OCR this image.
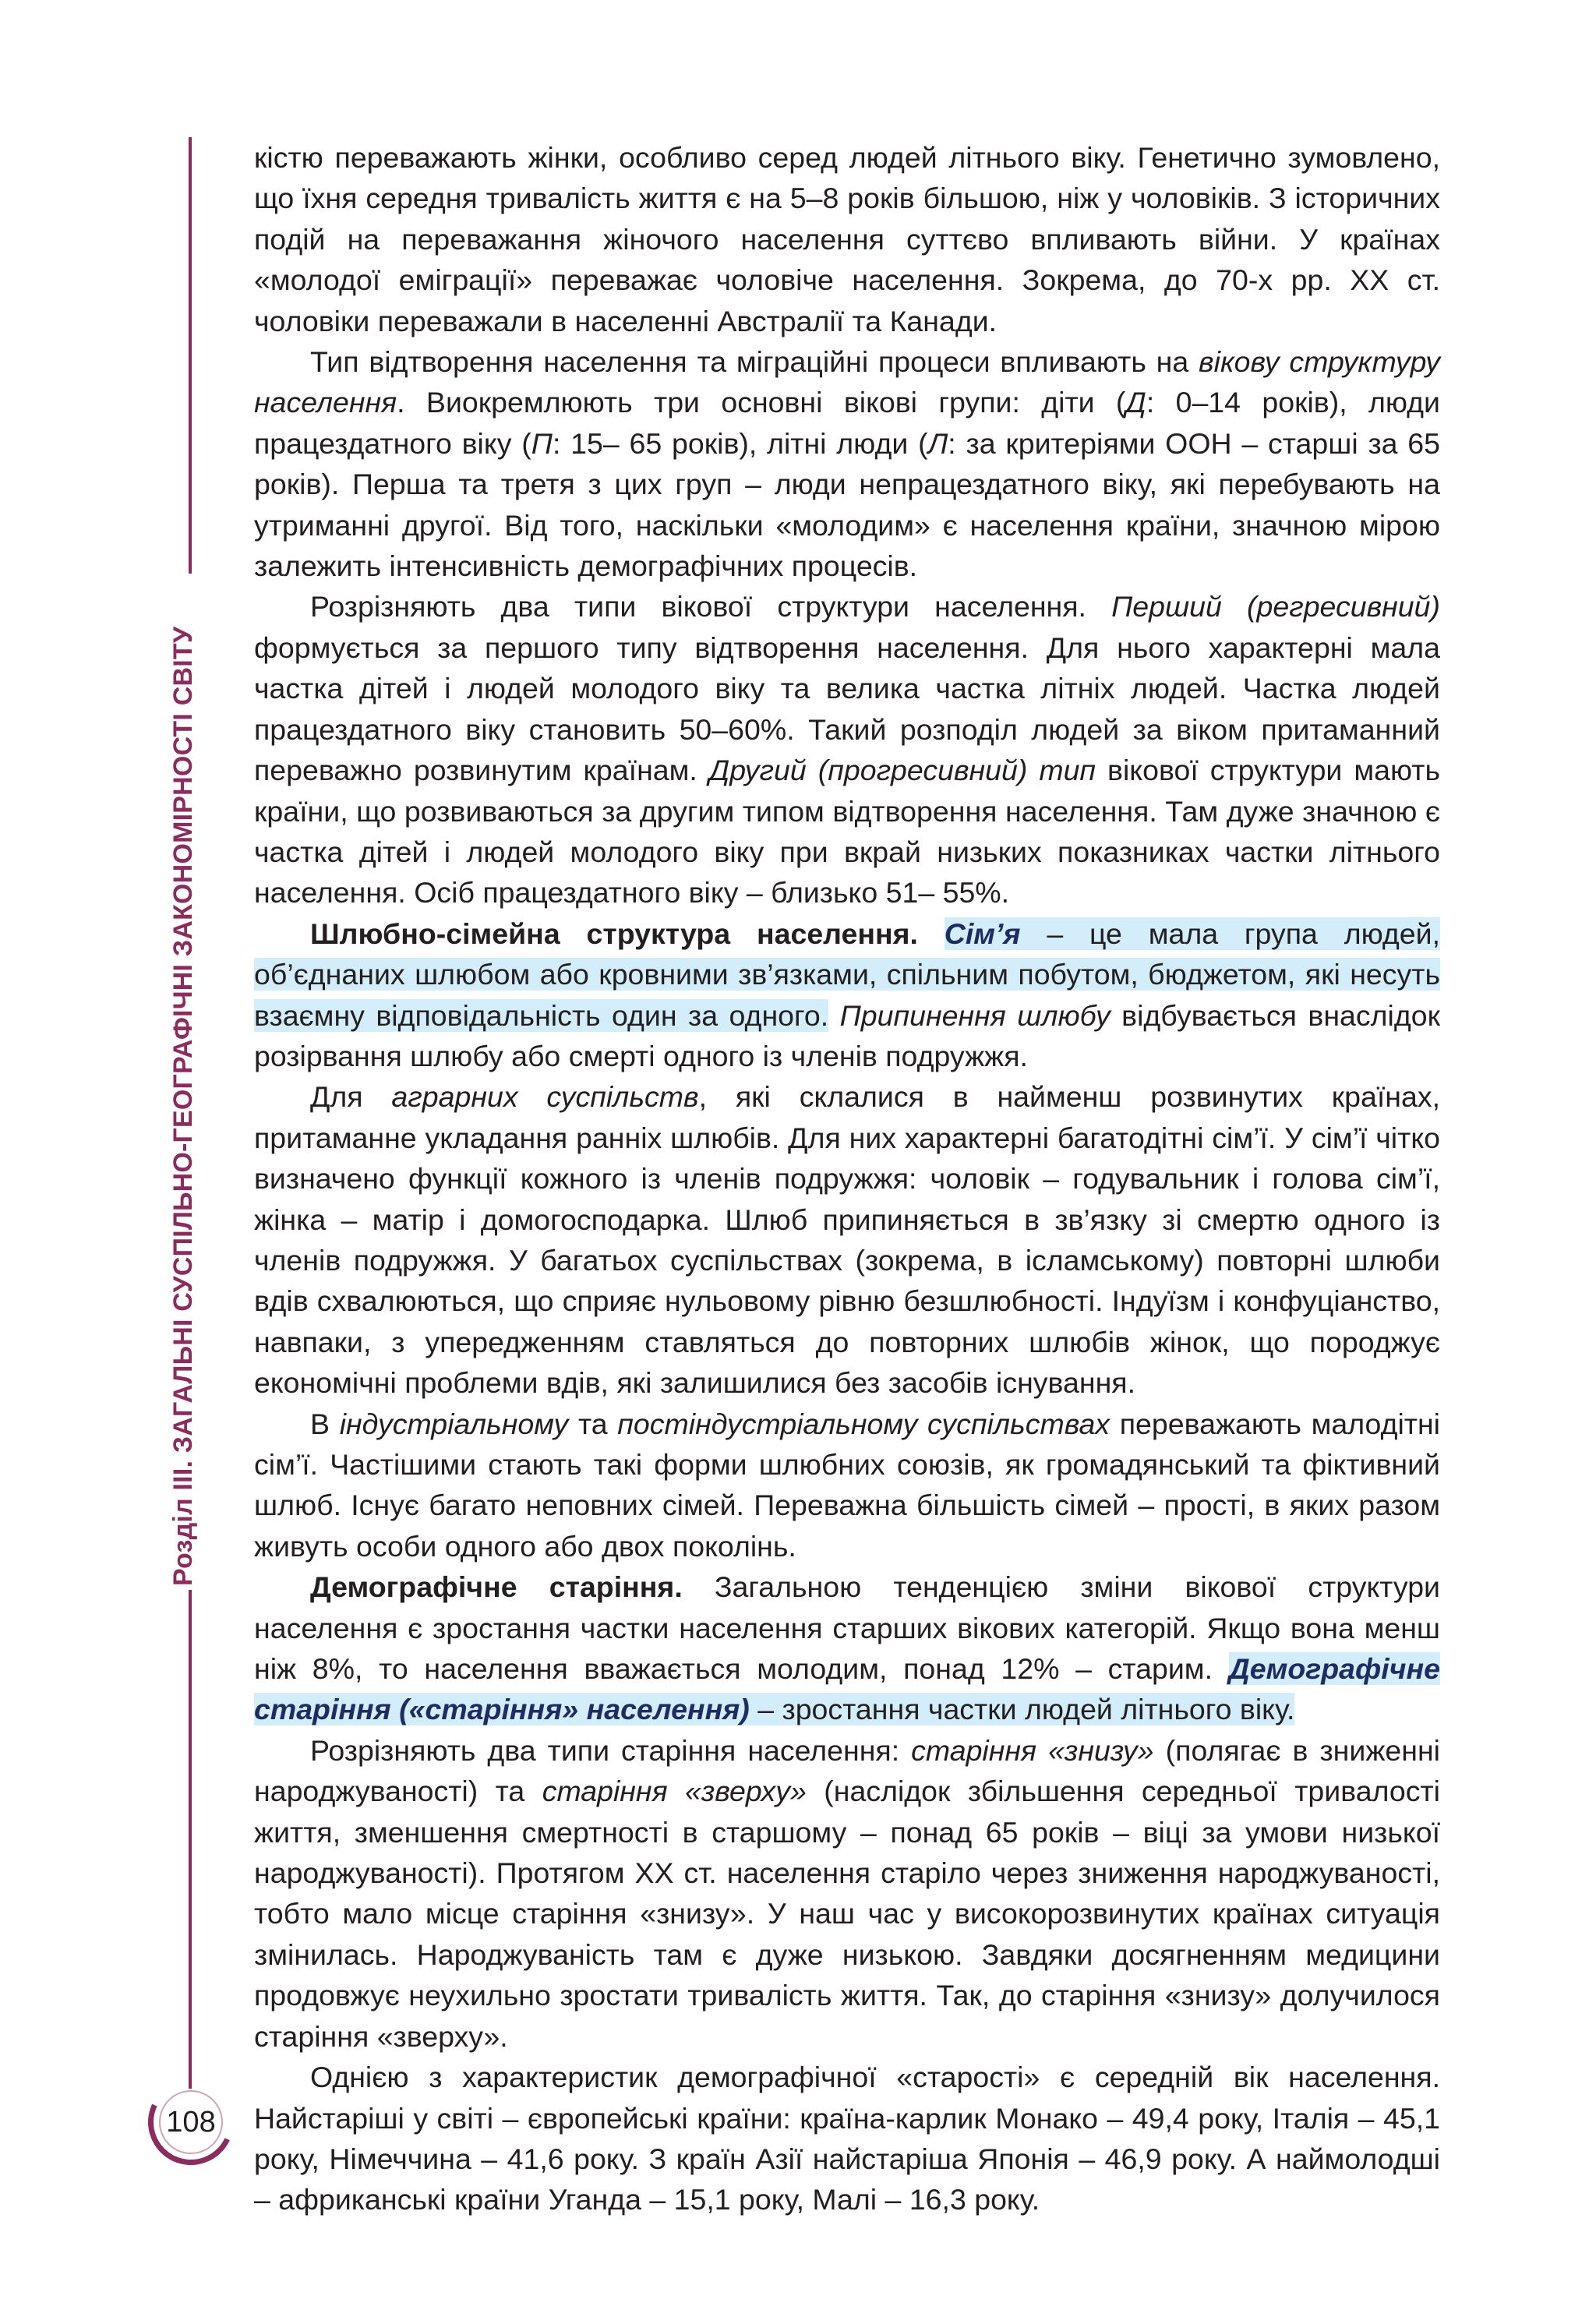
Розділ III. ЗАГАЛЬНІ СУСПІЛЬНО-ГЕОГРАФІЧНІ ЗАКОНОМІРНОСТІ СВІТУ

кістю переважають жінки, особливо серед людей літнього віку. Генетично зумовлено, що їхня середня тривалість життя є на 5–8 років більшою, ніж у чоловіків. З історичних подій на переважання жіночого населення суттєво впливають війни. У країнах «молодої еміграції» переважає чоловіче населення. Зокрема, до 70-х рр. XX ст. чоловіки переважали в населенні Австралії та Канади.

Тип відтворення населення та міграційні процеси впливають на вікову структуру населення. Виокремлюють три основні вікові групи: діти (Д: 0–14 років), люди працездатного віку (П: 15– 65 років), літні люди (Л: за критеріями ООН – старші за 65 років). Перша та третя з цих груп – люди непрацездатного віку, які перебувають на утриманні другої. Від того, наскільки «молодим» є населення країни, значною мірою залежить інтенсивність демографічних процесів.

Розрізняють два типи вікової структури населення. Перший (регресивний) формується за першого типу відтворення населення. Для нього характерні мала частка дітей і людей молодого віку та велика частка літніх людей. Частка людей працездатного віку становить 50–60%. Такий розподіл людей за віком притаманний переважно розвинутим країнам. Другий (прогресивний) тип вікової структури мають країни, що розвиваються за другим типом відтворення населення. Там дуже значною є частка дітей і людей молодого віку при вкрай низьких показниках частки літнього населення. Осіб працездатного віку – близько 51– 55%.

Шлюбно-сімейна структура населення. Сім’я – це мала група людей, об’єднаних шлюбом або кровними зв’язками, спільним побутом, бюджетом, які несуть взаємну відповідальність один за одного. Припинення шлюбу відбувається внаслідок розірвання шлюбу або смерті одного із членів подружжя.

Для аграрних суспільств, які склалися в найменш розвинутих країнах, притаманне укладання ранніх шлюбів. Для них характерні багатодітні сім’ї. У сім’ї чітко визначено функції кожного із членів подружжя: чоловік – годувальник і голова сім’ї, жінка – матір і домогосподарка. Шлюб припиняється в зв’язку зі смертю одного із членів подружжя. У багатьох суспільствах (зокрема, в ісламському) повторні шлюби вдів схвалюються, що сприяє нульовому рівню безшлюбності. Індуїзм і конфуціанство, навпаки, з упередженням ставляться до повторних шлюбів жінок, що породжує економічні проблеми вдів, які залишилися без засобів існування.

В індустріальному та постіндустріальному суспільствах переважають малодітні сім’ї. Частішими стають такі форми шлюбних союзів, як громадянський та фіктивний шлюб. Існує багато неповних сімей. Переважна більшість сімей – прості, в яких разом живуть особи одного або двох поколінь.

Демографічне старіння. Загальною тенденцією зміни вікової структури населення є зростання частки населення старших вікових категорій. Якщо вона менш ніж 8%, то населення вважається молодим, понад 12% – старим. Демографічне старіння («старіння» населення) – зростання частки людей літнього віку.

Розрізняють два типи старіння населення: старіння «знизу» (полягає в зниженні народжуваності) та старіння «зверху» (наслідок збільшення середньої тривалості життя, зменшення смертності в старшому – понад 65 років – віці за умови низької народжуваності). Протягом XX ст. населення старіло через зниження народжуваності, тобто мало місце старіння «знизу». У наш час у високорозвинутих країнах ситуація змінилась. Народжуваність там є дуже низькою. Завдяки досягненням медицини продовжує неухильно зростати тривалість життя. Так, до старіння «знизу» долучилося старіння «зверху».

Однією з характеристик демографічної «старості» є середній вік населення. Найстаріші у світі – європейські країни: країна-карлик Монако – 49,4 року, Італія – 45,1 року, Німеччина – 41,6 року. З країн Азії найстаріша Японія – 46,9 року. А наймолодші – африканські країни Уганда – 15,1 року, Малі – 16,3 року.

108
